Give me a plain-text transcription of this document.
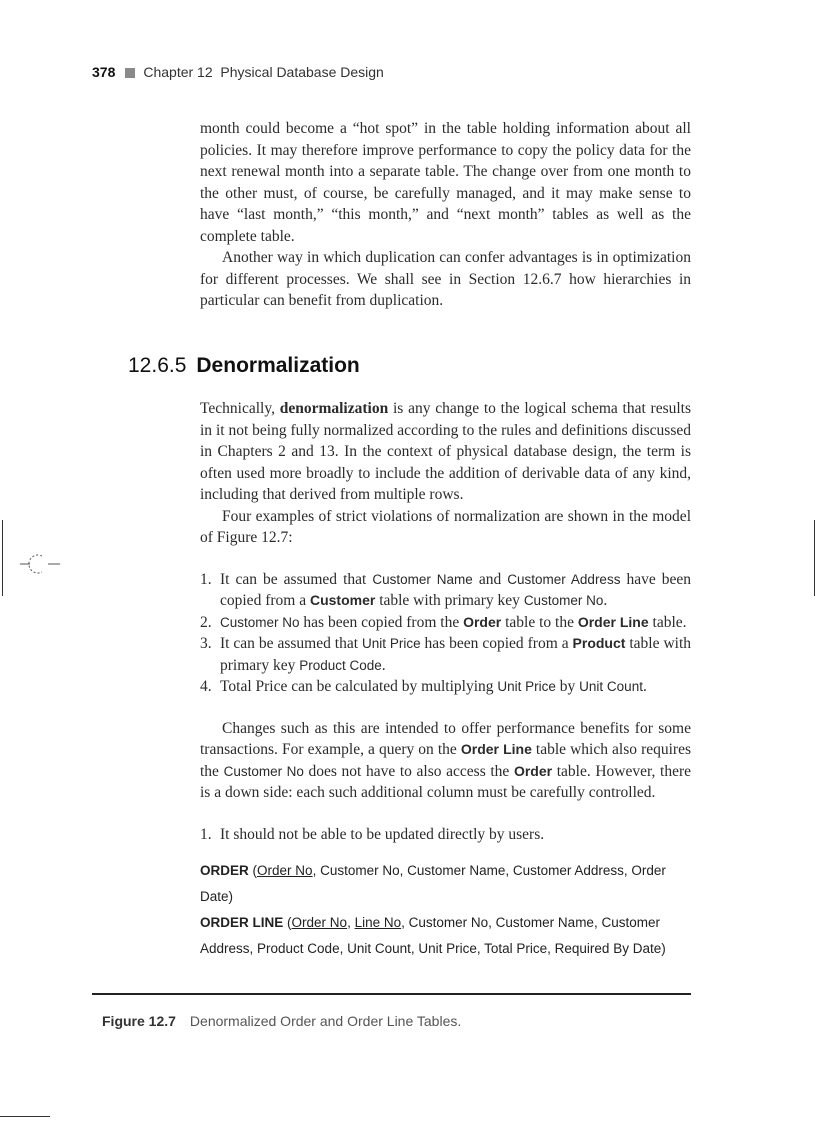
378 Chapter 12 Physical Database Design

month could become a “hot spot” in the table holding information about all policies. It may therefore improve performance to copy the policy data for the next renewal month into a separate table. The change over from one month to the other must, of course, be carefully managed, and it may make sense to have “last month,” “this month,” and “next month” tables as well as the complete table.

Another way in which duplication can confer advantages is in optimization for different processes. We shall see in Section 12.6.7 how hierarchies in particular can benefit from duplication.

12.6.5 Denormalization

Technically, denormalization is any change to the logical schema that results in it not being fully normalized according to the rules and definitions discussed in Chapters 2 and 13. In the context of physical database design, the term is often used more broadly to include the addition of derivable data of any kind, including that derived from multiple rows.

Four examples of strict violations of normalization are shown in the model of Figure 12.7:

1. It can be assumed that Customer Name and Customer Address have been copied from a Customer table with primary key Customer No.
2. Customer No has been copied from the Order table to the Order Line table.
3. It can be assumed that Unit Price has been copied from a Product table with primary key Product Code.
4. Total Price can be calculated by multiplying Unit Price by Unit Count.

Changes such as this are intended to offer performance benefits for some transactions. For example, a query on the Order Line table which also requires the Customer No does not have to also access the Order table. However, there is a down side: each such additional column must be carefully controlled.

1. It should not be able to be updated directly by users.
ORDER (Order No, Customer No, Customer Name, Customer Address, Order Date)
ORDER LINE (Order No, Line No, Customer No, Customer Name, Customer Address, Product Code, Unit Count, Unit Price, Total Price, Required By Date)
Figure 12.7 Denormalized Order and Order Line Tables.
